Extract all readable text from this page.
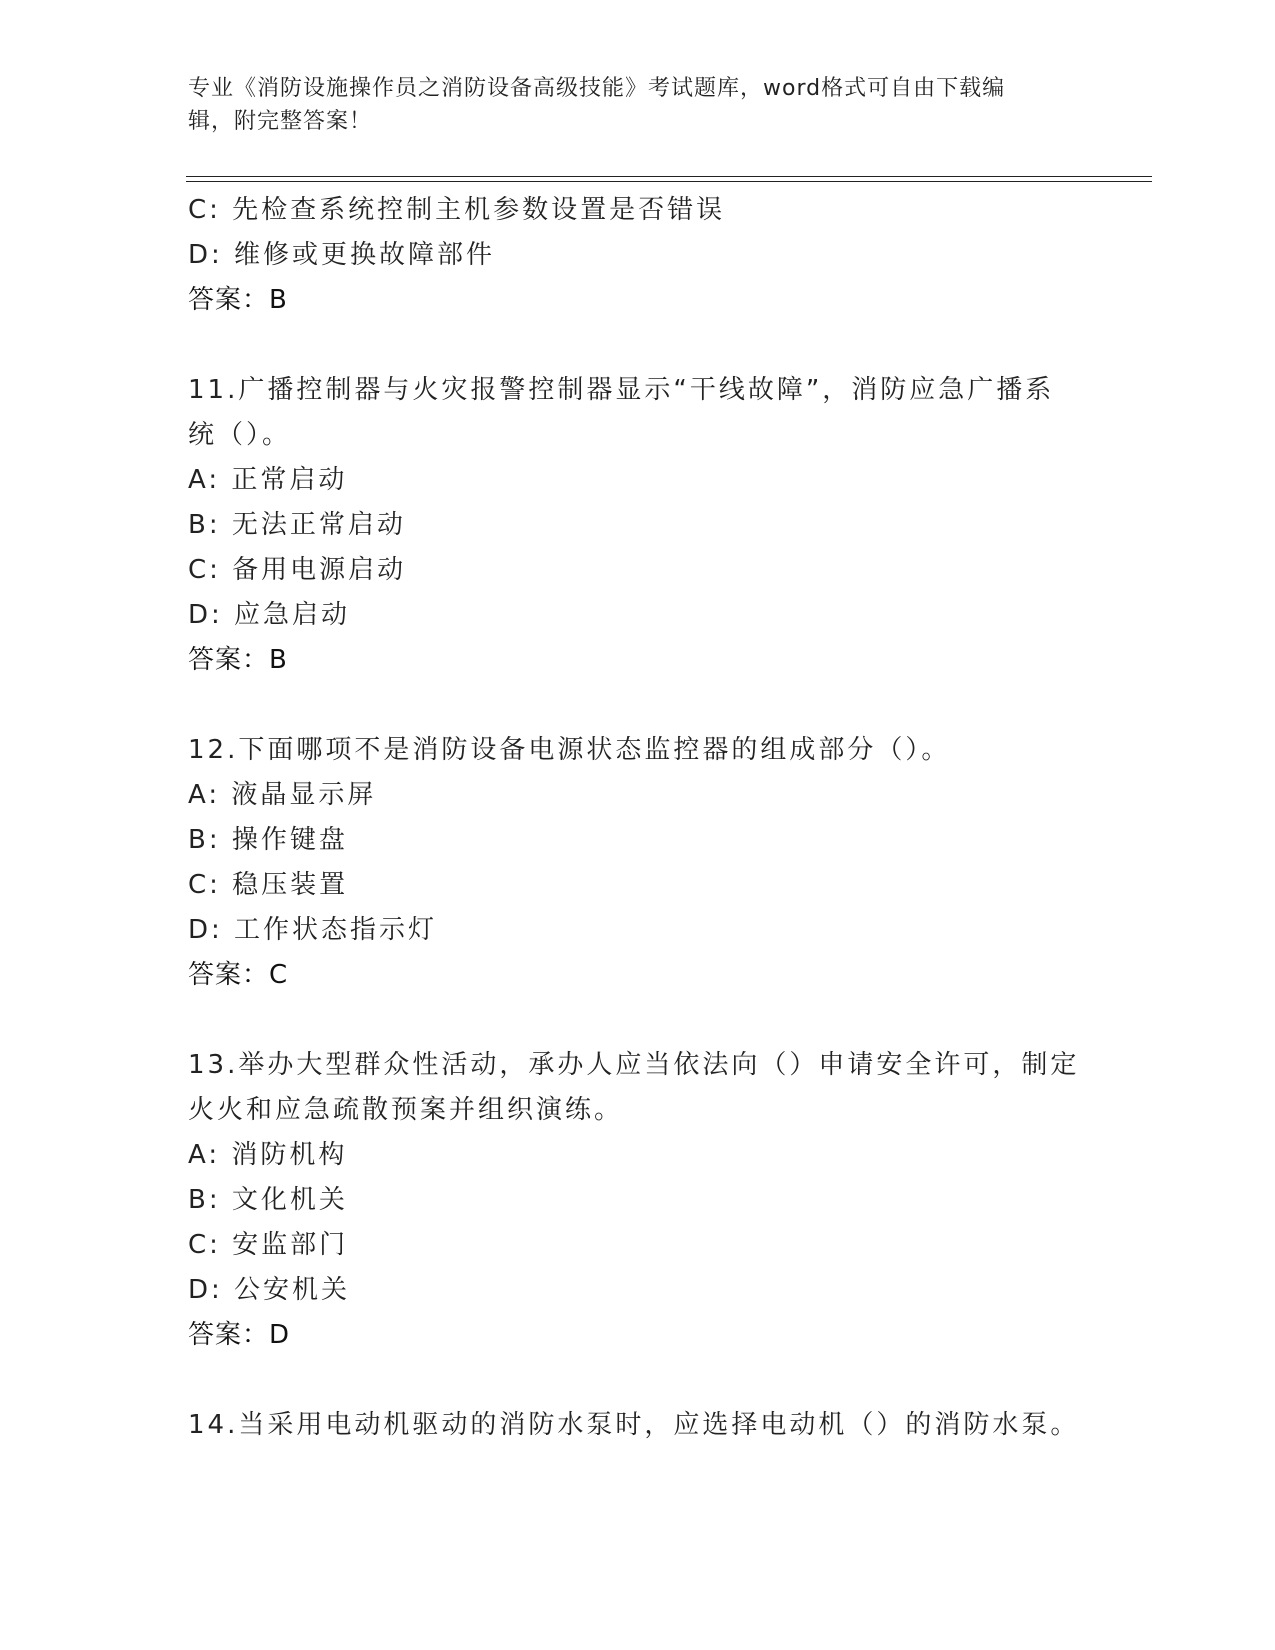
专业《消防设施操作员之消防设备高级技能》考试题库，word格式可自由下载编
辑，附完整答案！
C: 先检查系统控制主机参数设置是否错误
D: 维修或更换故障部件
答案：B
11.广播控制器与火灾报警控制器显示“干线故障”，消防应急广播系
统（）。
A: 正常启动
B: 无法正常启动
C: 备用电源启动
D: 应急启动
答案：B
12.下面哪项不是消防设备电源状态监控器的组成部分（）。
A: 液晶显示屏
B: 操作键盘
C: 稳压装置
D: 工作状态指示灯
答案：C
13.举办大型群众性活动，承办人应当依法向（）申请安全许可，制定
火火和应急疏散预案并组织演练。
A: 消防机构
B: 文化机关
C: 安监部门
D: 公安机关
答案：D
14.当采用电动机驱动的消防水泵时，应选择电动机（）的消防水泵。
